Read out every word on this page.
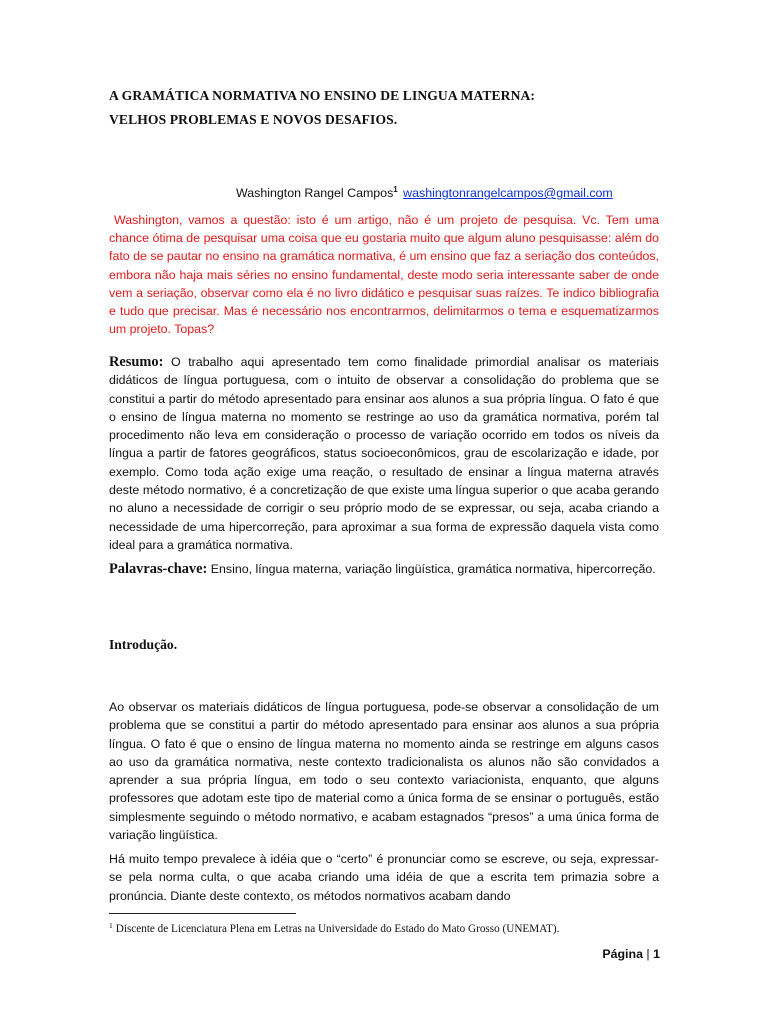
A GRAMÁTICA NORMATIVA NO ENSINO DE LINGUA MATERNA:
VELHOS PROBLEMAS E NOVOS DESAFIOS.
Washington Rangel Campos$^1$ washingtonrangelcampos@gmail.com
Washington, vamos a questão: isto é um artigo, não é um projeto de pesquisa. Vc. Tem uma chance ótima de pesquisar uma coisa que eu gostaria muito que algum aluno pesquisasse: além do fato de se pautar no ensino na gramática normativa, é um ensino que faz a seriação dos conteúdos, embora não haja mais séries no ensino fundamental, deste modo seria interessante saber de onde vem a seriação, observar como ela é no livro didático e pesquisar suas raízes. Te indico bibliografia e tudo que precisar. Mas é necessário nos encontrarmos, delimitarmos o tema e esquematizarmos um projeto. Topas?
Resumo: O trabalho aqui apresentado tem como finalidade primordial analisar os materiais didáticos de língua portuguesa, com o intuito de observar a consolidação do problema que se constitui a partir do método apresentado para ensinar aos alunos a sua própria língua. O fato é que o ensino de língua materna no momento se restringe ao uso da gramática normativa, porém tal procedimento não leva em consideração o processo de variação ocorrido em todos os níveis da língua a partir de fatores geográficos, status socioeconômicos, grau de escolarização e idade, por exemplo. Como toda ação exige uma reação, o resultado de ensinar a língua materna através deste método normativo, é a concretização de que existe uma língua superior o que acaba gerando no aluno a necessidade de corrigir o seu próprio modo de se expressar, ou seja, acaba criando a necessidade de uma hipercorreção, para aproximar a sua forma de expressão daquela vista como ideal para a gramática normativa.
Palavras-chave: Ensino, língua materna, variação lingüística, gramática normativa, hipercorreção.
Introdução.
Ao observar os materiais didáticos de língua portuguesa, pode-se observar a consolidação de um problema que se constitui a partir do método apresentado para ensinar aos alunos a sua própria língua. O fato é que o ensino de língua materna no momento ainda se restringe em alguns casos ao uso da gramática normativa, neste contexto tradicionalista os alunos não são convidados a aprender a sua própria língua, em todo o seu contexto variacionista, enquanto, que alguns professores que adotam este tipo de material como a única forma de se ensinar o português, estão simplesmente seguindo o método normativo, e acabam estagnados “presos” a uma única forma de variação lingüística.
Há muito tempo prevalece à idéia que o “certo” é pronunciar como se escreve, ou seja, expressar-se pela norma culta, o que acaba criando uma idéia de que a escrita tem primazia sobre a pronúncia. Diante deste contexto, os métodos normativos acabam dando
$^1$ Discente de Licenciatura Plena em Letras na Universidade do Estado do Mato Grosso (UNEMAT).
Página | 1
